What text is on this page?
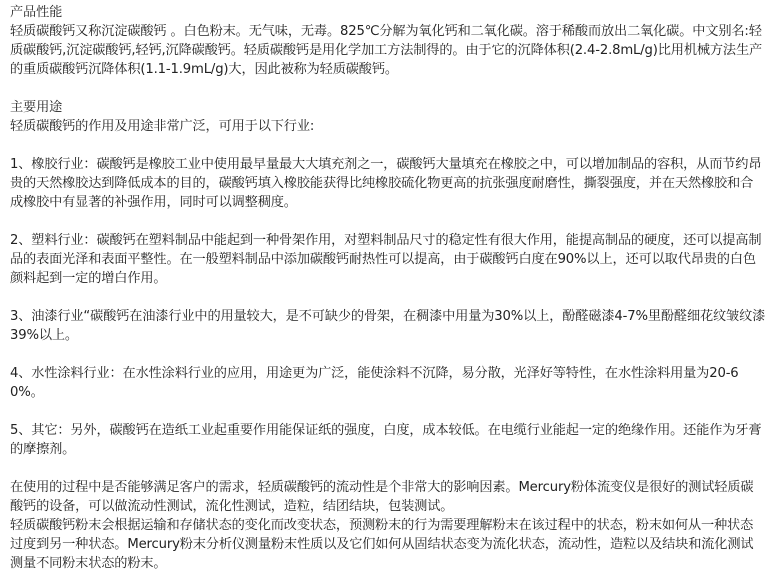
产品性能
轻质碳酸钙又称沉淀碳酸钙 。白色粉末。无气味，无毒。825℃分解为氧化钙和二氧化碳。溶于稀酸而放出二氧化碳。中文别名:轻质碳酸钙,沉淀碳酸钙,轻钙,沉降碳酸钙。轻质碳酸钙是用化学加工方法制得的。由于它的沉降体积(2.4-2.8mL/g)比用机械方法生产的重质碳酸钙沉降体积(1.1-1.9mL/g)大，因此被称为轻质碳酸钙。
主要用途
轻质碳酸钙的作用及用途非常广泛，可用于以下行业:
1、橡胶行业：碳酸钙是橡胶工业中使用最早量最大大填充剂之一，碳酸钙大量填充在橡胶之中，可以增加制品的容积，从而节约昂贵的天然橡胶达到降低成本的目的，碳酸钙填入橡胶能获得比纯橡胶硫化物更高的抗张强度耐磨性，撕裂强度，并在天然橡胶和合成橡胶中有显著的补强作用，同时可以调整稠度。
2、塑料行业：碳酸钙在塑料制品中能起到一种骨架作用，对塑料制品尺寸的稳定性有很大作用，能提高制品的硬度，还可以提高制品的表面光泽和表面平整性。在一般塑料制品中添加碳酸钙耐热性可以提高，由于碳酸钙白度在90%以上，还可以取代昂贵的白色颜料起到一定的增白作用。
3、油漆行业“碳酸钙在油漆行业中的用量较大，是不可缺少的骨架，在稠漆中用量为30%以上，酚醛磁漆4-7%里酚醛细花纹皱纹漆39%以上。
4、水性涂料行业：在水性涂料行业的应用，用途更为广泛，能使涂料不沉降，易分散，光泽好等特性，在水性涂料用量为20-60%。
5、其它：另外，碳酸钙在造纸工业起重要作用能保证纸的强度，白度，成本较低。在电缆行业能起一定的绝缘作用。还能作为牙膏的摩擦剂。
在使用的过程中是否能够满足客户的需求，轻质碳酸钙的流动性是个非常大的影响因素。Mercury粉体流变仪是很好的测试轻质碳酸钙的设备，可以做流动性测试，流化性测试，造粒，结团结块，包装测试。
轻质碳酸钙粉末会根据运输和存储状态的变化而改变状态，预测粉末的行为需要理解粉末在该过程中的状态，粉末如何从一种状态过度到另一种状态。Mercury粉末分析仪测量粉末性质以及它们如何从固结状态变为流化状态，流动性，造粒以及结块和流化测试测量不同粉末状态的粉末。
